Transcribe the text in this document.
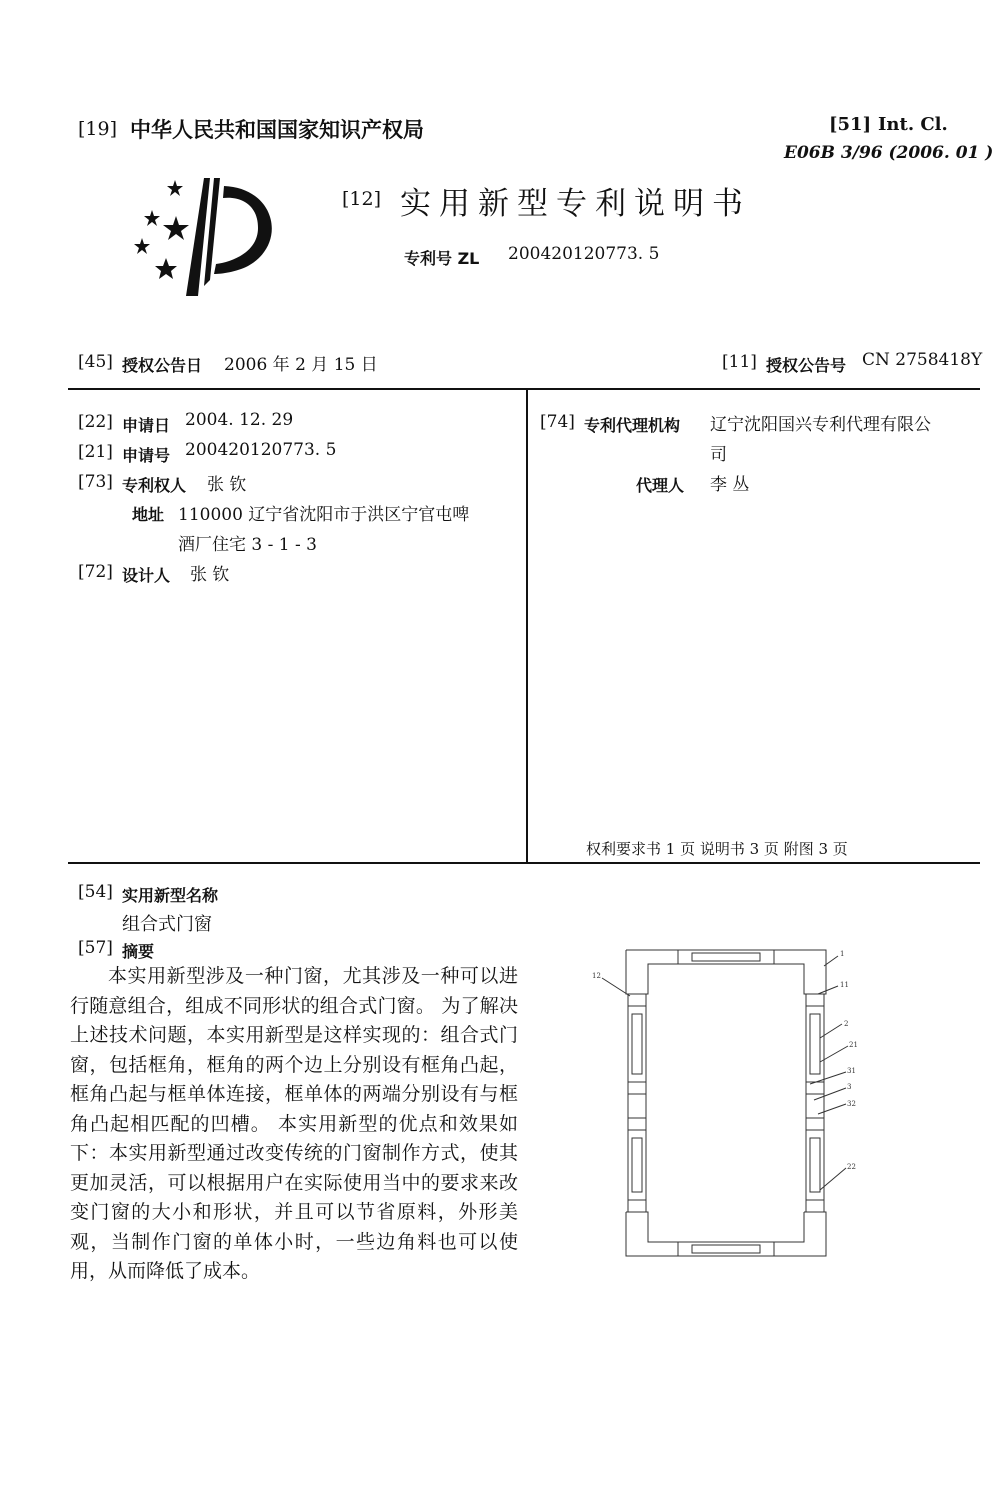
[19] 中华人民共和国国家知识产权局	[51] Int. Cl.
E06B 3/96 (2006. 01 )
[12] 实用新型专利说明书
专利号 ZL 200420120773. 5
[45] 授权公告日 2006 年 2 月 15 日	[11] 授权公告号 CN 2758418Y
[22] 申请日 2004. 12. 29
[21] 申请号 200420120773. 5
[73] 专利权人 张 钦
地址 110000 辽宁省沈阳市于洪区宁官屯啤
酒厂住宅 3 - 1 - 3
[72] 设计人 张 钦
[74] 专利代理机构 辽宁沈阳国兴专利代理有限公
司
代理人 李 丛
权利要求书 1 页 说明书 3 页 附图 3 页
[54] 实用新型名称
组合式门窗
[57] 摘要
本实用新型涉及一种门窗，尤其涉及一种可以进行随意组合，组成不同形状的组合式门窗。 为了解决上述技术问题，本实用新型是这样实现的：组合式门窗，包括框角，框角的两个边上分别设有框角凸起，框角凸起与框单体连接，框单体的两端分别设有与框角凸起相匹配的凹槽。 本实用新型的优点和效果如下：本实用新型通过改变传统的门窗制作方式，使其更加灵活，可以根据用户在实际使用当中的要求来改变门窗的大小和形状，并且可以节省原料，外形美观，当制作门窗的单体小时，一些边角料也可以使用，从而降低了成本。
1
11
12
2
21
31
3
32
22
